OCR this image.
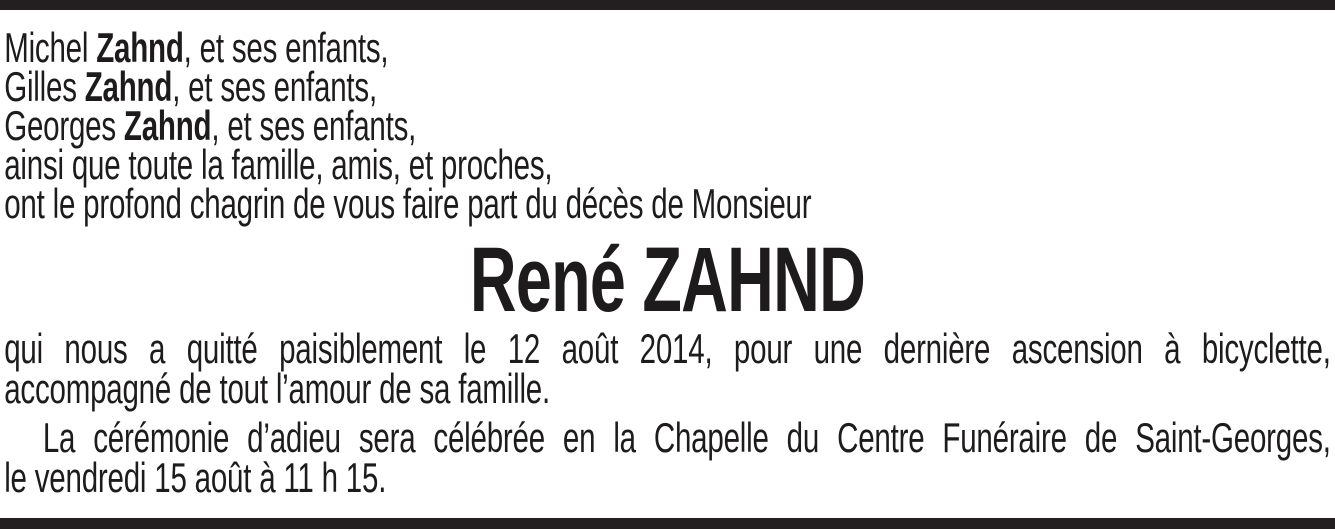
Michel Zahnd, et ses enfants,
Gilles Zahnd, et ses enfants,
Georges Zahnd, et ses enfants,
ainsi que toute la famille, amis, et proches,
ont le profond chagrin de vous faire part du décès de Monsieur
René ZAHND
qui nous a quitté paisiblement le 12 août 2014, pour une dernière ascension à bicyclette,
accompagné de tout l’amour de sa famille.
La cérémonie d’adieu sera célébrée en la Chapelle du Centre Funéraire de Saint-Georges,
le vendredi 15 août à 11 h 15.
